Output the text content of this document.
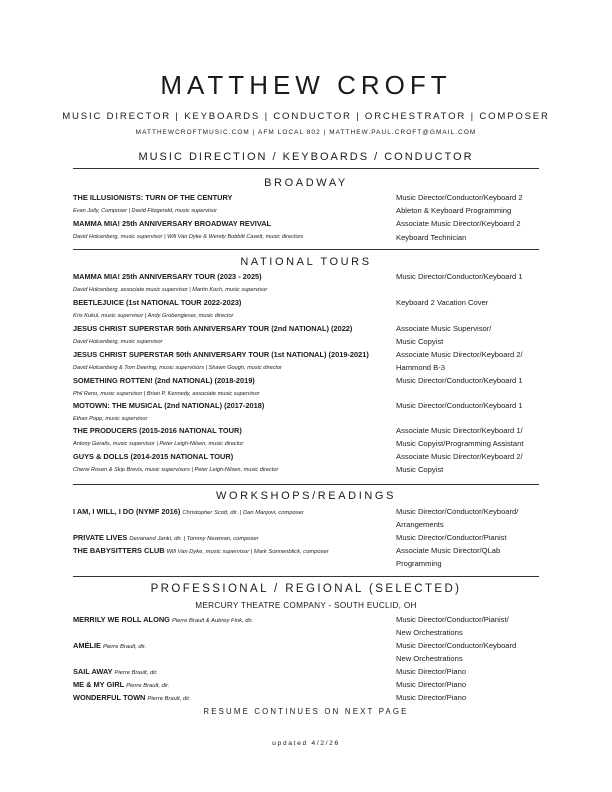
MATTHEW CROFT
MUSIC DIRECTOR | KEYBOARDS | CONDUCTOR | ORCHESTRATOR | COMPOSER
MATTHEWCROFTMUSIC.COM | AFM LOCAL 802 | MATTHEW.PAUL.CROFT@GMAIL.COM
MUSIC DIRECTION / KEYBOARDS / CONDUCTOR
BROADWAY
THE ILLUSIONISTS: TURN OF THE CENTURY	Music Director/Conductor/Keyboard 2
Evan Jolly, Composer | David Fitzgerald, music supervisor	Ableton & Keyboard Programming
MAMMA MIA! 25th ANNIVERSARY BROADWAY REVIVAL	Associate Music Director/Keyboard 2
David Holcenberg, music supervisor | Will Van Dyke & Wendy Bobbitt Cavett, music directors	Keyboard Technician
NATIONAL TOURS
MAMMA MIA! 25th ANNIVERSARY TOUR (2023 - 2025)	Music Director/Conductor/Keyboard 1
David Holcenberg, associate music supervisor | Martin Koch, music supervisor
BEETLEJUICE (1st NATIONAL TOUR 2022-2023)	Keyboard 2 Vacation Cover
Kris Kukul, music supervisor | Andy Grobengieser, music director
JESUS CHRIST SUPERSTAR 50th ANNIVERSARY TOUR (2nd NATIONAL) (2022)	Associate Music Supervisor/
David Holcenberg, music supervisor	Music Copyist
JESUS CHRIST SUPERSTAR 50th ANNIVERSARY TOUR (1st NATIONAL) (2019-2021)	Associate Music Director/Keyboard 2/
David Holcenberg & Tom Deering, music supervisors | Shawn Gough, music director	Hammond B-3
SOMETHING ROTTEN! (2nd NATIONAL) (2018-2019)	Music Director/Conductor/Keyboard 1
Phil Reno, music supervisor | Brian P. Kennedy, associate music supervisor
MOTOWN: THE MUSICAL (2nd NATIONAL) (2017-2018)	Music Director/Conductor/Keyboard 1
Ethan Popp, music supervisor
THE PRODUCERS (2015-2016 NATIONAL TOUR)	Associate Music Director/Keyboard 1/
Antony Geralis, music supervisor | Peter Leigh-Nilsen, music director	Music Copyist/Programming Assistant
GUYS & DOLLS (2014-2015 NATIONAL TOUR)	Associate Music Director/Keyboard 2/
Cherie Rosen & Skip Brevis, music supervisors | Peter Leigh-Nilsen, music director	Music Copyist
WORKSHOPS/READINGS
I AM, I WILL, I DO (NYMF 2016) Christopher Scott, dir. | Dan Manjovi, composer	Music Director/Conductor/Keyboard/
Arrangements
PRIVATE LIVES Devanand Janki, dir. | Tommy Newman, composer	Music Director/Conductor/Pianist
THE BABYSITTERS CLUB Will Van Dyke, music supervisor | Mark Sonnenblick, composer	Associate Music Director/QLab
Programming
PROFESSIONAL / REGIONAL (SELECTED)
MERCURY THEATRE COMPANY - SOUTH EUCLID, OH
MERRILY WE ROLL ALONG Pierre Brault & Aubrey Fink, dir.	Music Director/Conductor/Pianist/
New Orchestrations
AMÉLIE Pierre Brault, dir.	Music Director/Conductor/Keyboard
New Orchestrations
SAIL AWAY Pierre Brault, dir.	Music Director/Piano
ME & MY GIRL Pierre Brault, dir.	Music Director/Piano
WONDERFUL TOWN Pierre Brault, dir.	Music Director/Piano
RESUME CONTINUES ON NEXT PAGE
updated 4/2/26
